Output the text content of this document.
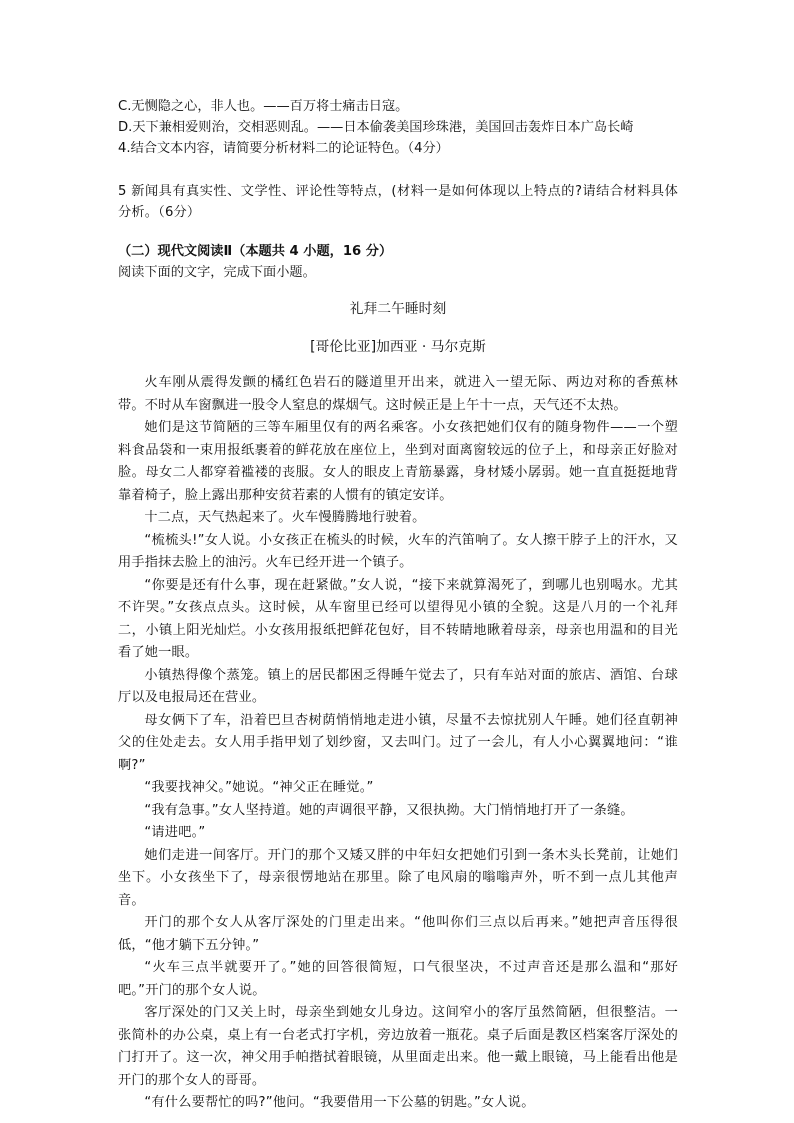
C.无恻隐之心，非人也。——百万将士痛击日寇。

D.天下兼相爱则治，交相恶则乱。——日本偷袭美国珍珠港，美国回击轰炸日本广岛长崎

4.结合文本内容，请简要分析材料二的论证特色。（4分）

5 新闻具有真实性、文学性、评论性等特点，(材料一是如何体现以上特点的?请结合材料具体分析。（6分）

（二）现代文阅读Ⅱ（本题共 4 小题，16 分）

阅读下面的文字，完成下面小题。

礼拜二午睡时刻

[哥伦比亚]加西亚 · 马尔克斯

火车刚从震得发颤的橘红色岩石的隧道里开出来，就进入一望无际、两边对称的香蕉林带。不时从车窗飘进一股令人窒息的煤烟气。这时候正是上午十一点，天气还不太热。

她们是这节简陋的三等车厢里仅有的两名乘客。小女孩把她们仅有的随身物件——一个塑料食品袋和一束用报纸裹着的鲜花放在座位上，坐到对面离窗较远的位子上，和母亲正好脸对脸。母女二人都穿着褴褛的丧服。女人的眼皮上青筋暴露，身材矮小孱弱。她一直直挺挺地背靠着椅子，脸上露出那种安贫若素的人惯有的镇定安详。

十二点，天气热起来了。火车慢腾腾地行驶着。

“梳梳头!”女人说。小女孩正在梳头的时候，火车的汽笛响了。女人擦干脖子上的汗水，又用手指抹去脸上的油污。火车已经开进一个镇子。

“你要是还有什么事，现在赶紧做。”女人说，“接下来就算渴死了，到哪儿也别喝水。尤其不许哭。”女孩点点头。这时候，从车窗里已经可以望得见小镇的全貌。这是八月的一个礼拜二，小镇上阳光灿烂。小女孩用报纸把鲜花包好，目不转睛地瞅着母亲，母亲也用温和的目光看了她一眼。

小镇热得像个蒸笼。镇上的居民都困乏得睡午觉去了，只有车站对面的旅店、酒馆、台球厅以及电报局还在营业。

母女俩下了车，沿着巴旦杏树荫悄悄地走进小镇，尽量不去惊扰别人午睡。她们径直朝神父的住处走去。女人用手指甲划了划纱窗，又去叫门。过了一会儿，有人小心翼翼地问：“谁啊?”

“我要找神父。”她说。“神父正在睡觉。”

“我有急事。”女人坚持道。她的声调很平静，又很执拗。大门悄悄地打开了一条缝。

“请进吧。”

她们走进一间客厅。开门的那个又矮又胖的中年妇女把她们引到一条木头长凳前，让她们坐下。小女孩坐下了，母亲很愣地站在那里。除了电风扇的嗡嗡声外，听不到一点儿其他声音。

开门的那个女人从客厅深处的门里走出来。“他叫你们三点以后再来。”她把声音压得很低，“他才躺下五分钟。”

“火车三点半就要开了。”她的回答很简短，口气很坚决，不过声音还是那么温和“那好吧。”开门的那个女人说。

客厅深处的门又关上时，母亲坐到她女儿身边。这间窄小的客厅虽然简陋，但很整洁。一张简朴的办公桌，桌上有一台老式打字机，旁边放着一瓶花。桌子后面是教区档案客厅深处的门打开了。这一次，神父用手帕揩拭着眼镜，从里面走出来。他一戴上眼镜，马上能看出他是开门的那个女人的哥哥。

“有什么要帮忙的吗?”他问。“我要借用一下公墓的钥匙。”女人说。
